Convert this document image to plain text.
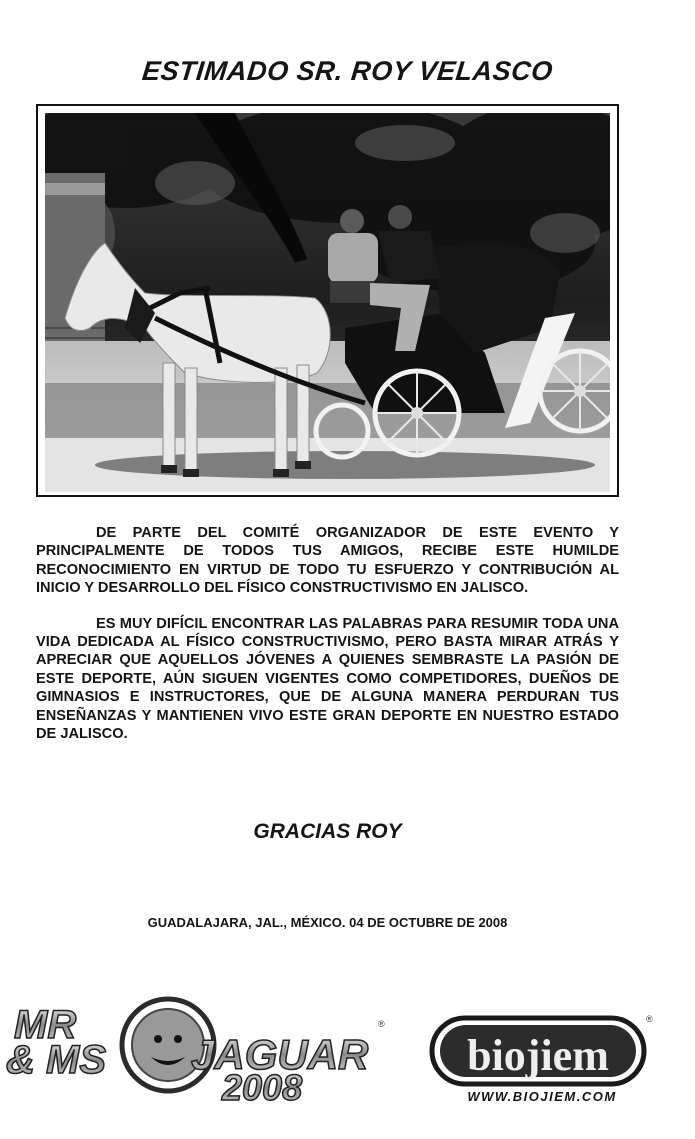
ESTIMADO SR. ROY VELASCO

DE PARTE DEL COMITÉ ORGANIZADOR DE ESTE EVENTO Y PRINCIPALMENTE DE TODOS TUS AMIGOS, RECIBE ESTE HUMILDE RECONOCIMIENTO EN VIRTUD DE TODO TU ESFUERZO Y CONTRIBUCIÓN AL INICIO Y DESARROLLO DEL FÍSICO CONSTRUCTIVISMO EN JALISCO.

ES MUY DIFÍCIL ENCONTRAR LAS PALABRAS PARA RESUMIR TODA UNA VIDA DEDICADA AL FÍSICO CONSTRUCTIVISMO, PERO BASTA MIRAR ATRÁS Y APRECIAR QUE AQUELLOS JÓVENES A QUIENES SEMBRASTE LA PASIÓN DE ESTE DEPORTE, AÚN SIGUEN VIGENTES COMO COMPETIDORES, DUEÑOS DE GIMNASIOS E INSTRUCTORES, QUE DE ALGUNA MANERA PERDURAN TUS ENSEÑANZAS Y MANTIENEN VIVO ESTE GRAN DEPORTE EN NUESTRO ESTADO DE JALISCO.

GRACIAS ROY
GUADALAJARA, JAL., MÉXICO. 04 DE OCTUBRE DE 2008
MR
& MS JAGUAR
2008
®
biojiem
®
WWW.BIOJIEM.COM
